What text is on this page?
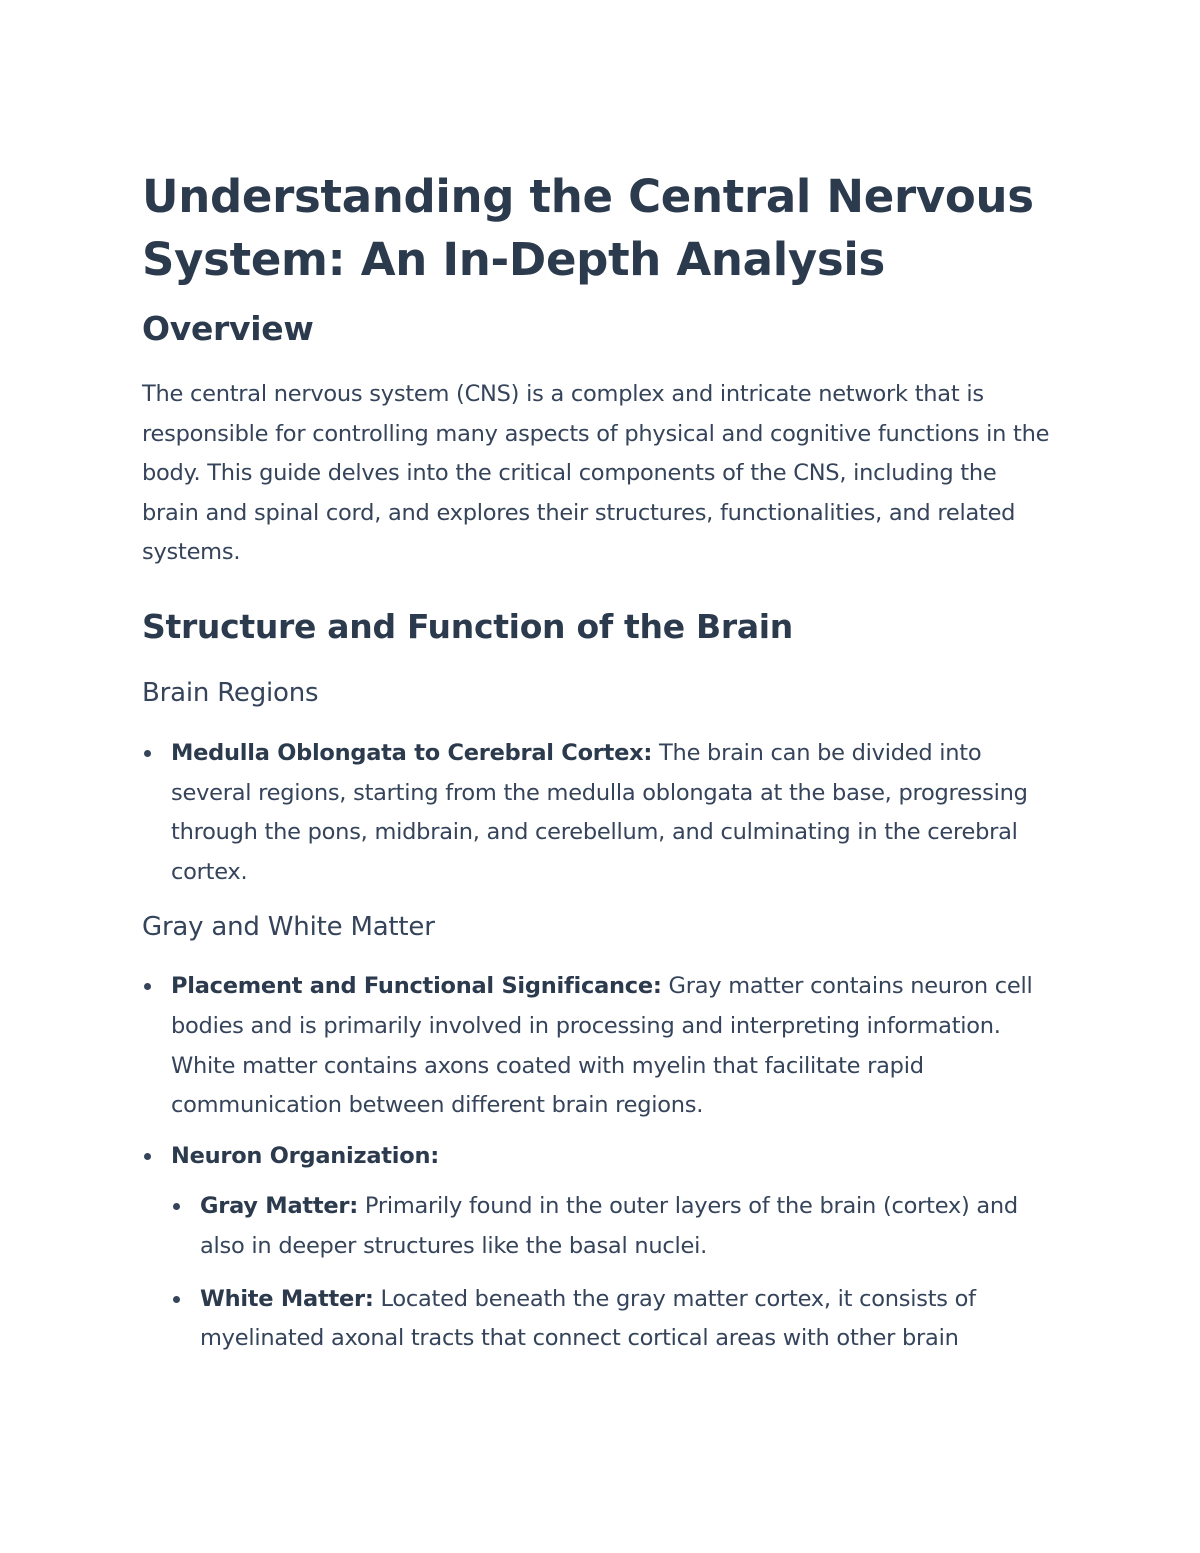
Understanding the Central Nervous System: An In-Depth Analysis
Overview

The central nervous system (CNS) is a complex and intricate network that is responsible for controlling many aspects of physical and cognitive functions in the body. This guide delves into the critical components of the CNS, including the brain and spinal cord, and explores their structures, functionalities, and related systems.

Structure and Function of the Brain
Brain Regions
Medulla Oblongata to Cerebral Cortex: The brain can be divided into several regions, starting from the medulla oblongata at the base, progressing through the pons, midbrain, and cerebellum, and culminating in the cerebral cortex.
Gray and White Matter
Placement and Functional Significance: Gray matter contains neuron cell bodies and is primarily involved in processing and interpreting information. White matter contains axons coated with myelin that facilitate rapid communication between different brain regions.
Neuron Organization:
Gray Matter: Primarily found in the outer layers of the brain (cortex) and also in deeper structures like the basal nuclei.
White Matter: Located beneath the gray matter cortex, it consists of myelinated axonal tracts that connect cortical areas with other brain
